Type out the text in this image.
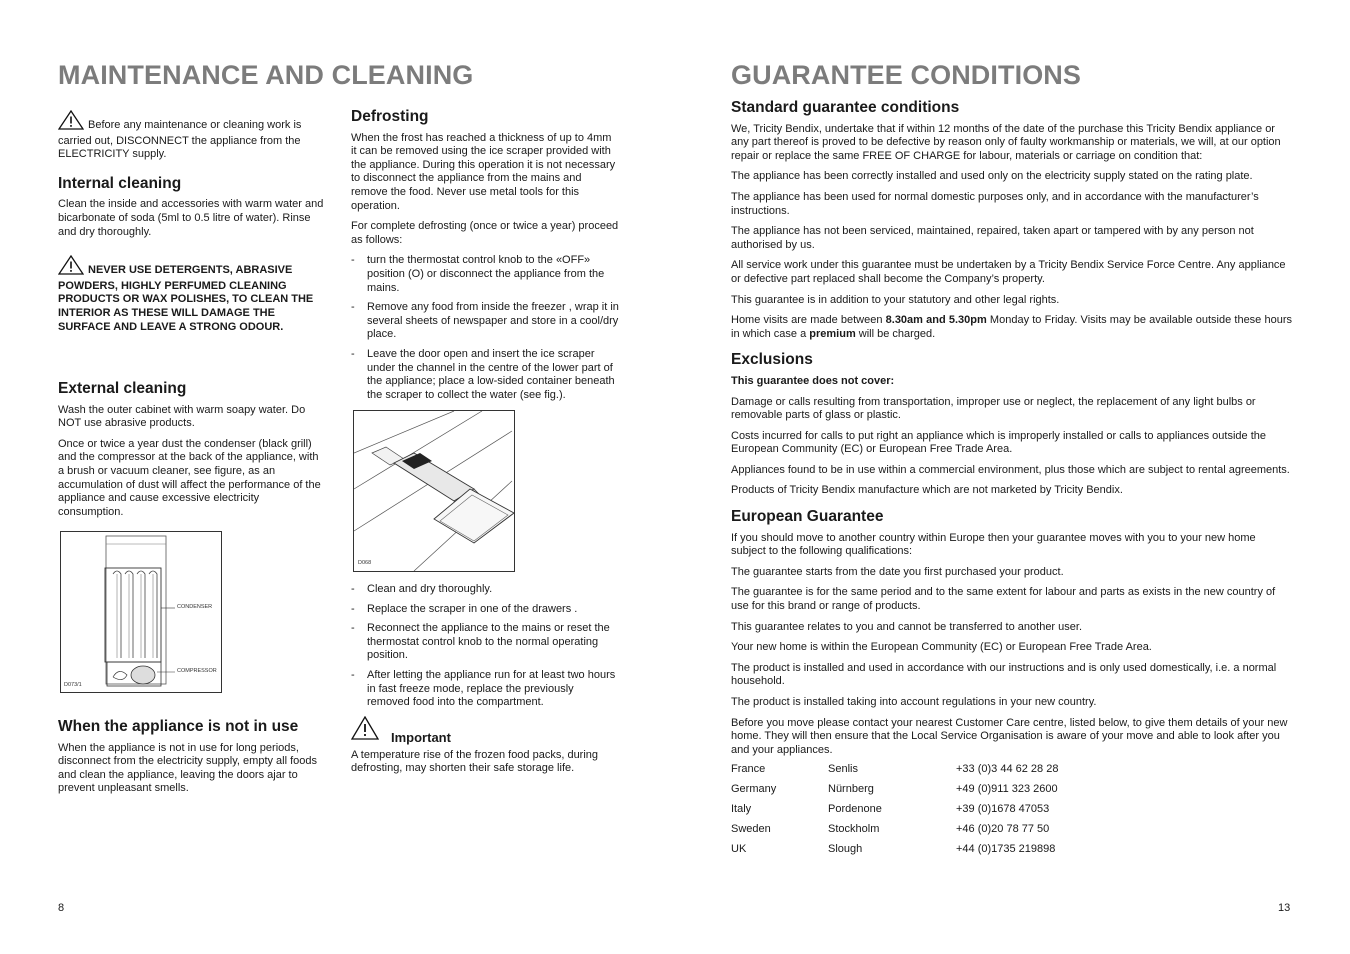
MAINTENANCE AND CLEANING

Before any maintenance or cleaning work is carried out, DISCONNECT the appliance from the ELECTRICITY supply.

Internal cleaning

Clean the inside and accessories with warm water and bicarbonate of soda (5ml to 0.5 litre of water). Rinse and dry thoroughly.

NEVER USE DETERGENTS, ABRASIVE POWDERS, HIGHLY PERFUMED CLEANING PRODUCTS OR WAX POLISHES, TO CLEAN THE INTERIOR AS THESE WILL DAMAGE THE SURFACE AND LEAVE A STRONG ODOUR.

External cleaning

Wash the outer cabinet with warm soapy water. Do NOT use abrasive products.

Once or twice a year dust the condenser (black grill) and the compressor at the back of the appliance, with a brush or vacuum cleaner, see figure, as an accumulation of dust will affect the performance of the appliance and cause excessive electricity consumption.

CONDENSER
COMPRESSOR
D073/1
When the appliance is not in use

When the appliance is not in use for long periods, disconnect from the electricity supply, empty all foods and clean the appliance, leaving the doors ajar to prevent unpleasant smells.

Defrosting

When the frost has reached a thickness of up to 4mm it can be removed using the ice scraper provided with the appliance. During this operation it is not necessary to disconnect the appliance from the mains and remove the food. Never use metal tools for this operation.

For complete defrosting (once or twice a year) proceed as follows:

- turn the thermostat control knob to the «OFF» position (O) or disconnect the appliance from the mains.
- Remove any food from inside the freezer , wrap it in several sheets of newspaper and store in a cool/dry place.
- Leave the door open and insert the ice scraper under the channel in the centre of the lower part of the appliance; place a low-sided container beneath the scraper to collect the water (see fig.).
D068
- Clean and dry thoroughly.
- Replace the scraper in one of the drawers .
- Reconnect the appliance to the mains or reset the thermostat control knob to the normal operating position.
- After letting the appliance run for at least two hours in fast freeze mode, replace the previously removed food into the compartment.
Important

A temperature rise of the frozen food packs, during defrosting, may shorten their safe storage life.

8
GUARANTEE CONDITIONS
Standard guarantee conditions

We, Tricity Bendix, undertake that if within 12 months of the date of the purchase this Tricity Bendix appliance or any part thereof is proved to be defective by reason only of faulty workmanship or materials, we will, at our option repair or replace the same FREE OF CHARGE for labour, materials or carriage on condition that:

The appliance has been correctly installed and used only on the electricity supply stated on the rating plate.

The appliance has been used for normal domestic purposes only, and in accordance with the manufacturer’s instructions.

The appliance has not been serviced, maintained, repaired, taken apart or tampered with by any person not authorised by us.

All service work under this guarantee must be undertaken by a Tricity Bendix Service Force Centre. Any appliance or defective part replaced shall become the Company’s property.

This guarantee is in addition to your statutory and other legal rights.

Home visits are made between 8.30am and 5.30pm Monday to Friday. Visits may be available outside these hours in which case a premium will be charged.

Exclusions

This guarantee does not cover:

Damage or calls resulting from transportation, improper use or neglect, the replacement of any light bulbs or removable parts of glass or plastic.

Costs incurred for calls to put right an appliance which is improperly installed or calls to appliances outside the European Community (EC) or European Free Trade Area.

Appliances found to be in use within a commercial environment, plus those which are subject to rental agreements.

Products of Tricity Bendix manufacture which are not marketed by Tricity Bendix.

European Guarantee

If you should move to another country within Europe then your guarantee moves with you to your new home subject to the following qualifications:

The guarantee starts from the date you first purchased your product.

The guarantee is for the same period and to the same extent for labour and parts as exists in the new country of use for this brand or range of products.

This guarantee relates to you and cannot be transferred to another user.

Your new home is within the European Community (EC) or European Free Trade Area.

The product is installed and used in accordance with our instructions and is only used domestically, i.e. a normal household.

The product is installed taking into account regulations in your new country.

Before you move please contact your nearest Customer Care centre, listed below, to give them details of your new home. They will then ensure that the Local Service Organisation is aware of your move and able to look after you and your appliances.

France	Senlis	+33 (0)3 44 62 28 28
Germany	Nürnberg	+49 (0)911 323 2600
Italy	Pordenone	+39 (0)1678 47053
Sweden	Stockholm	+46 (0)20 78 77 50
UK	Slough	+44 (0)1735 219898
13
